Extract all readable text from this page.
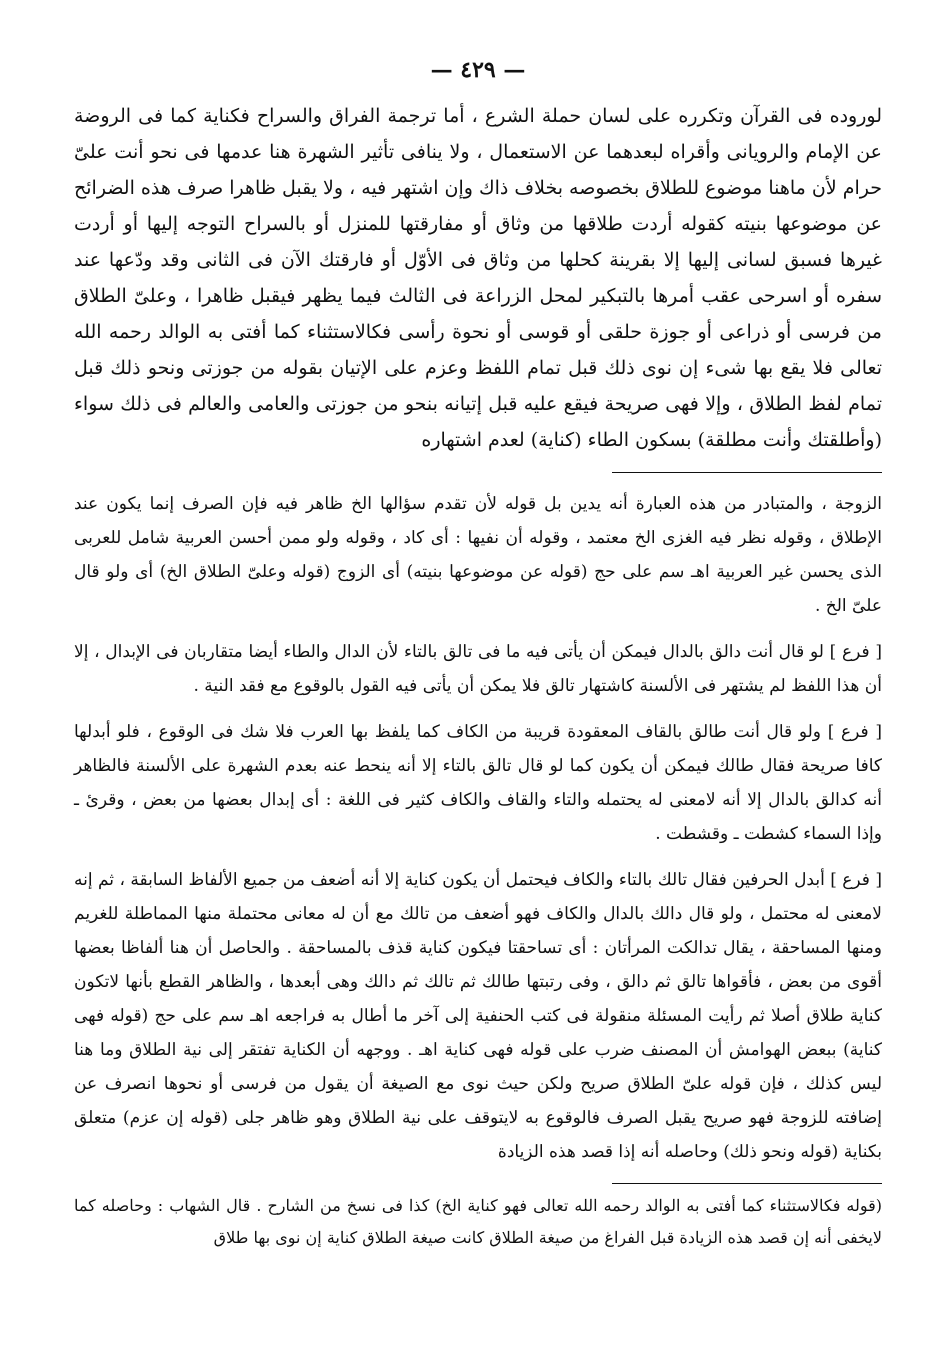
— ٤٢٩ —

لوروده فى القرآن وتكرره على لسان حملة الشرع ، أما ترجمة الفراق والسراح فكناية كما فى الروضة عن الإمام والرويانى وأقراه لبعدهما عن الاستعمال ، ولا ينافى تأثير الشهرة هنا عدمها فى نحو أنت علىّ حرام لأن ماهنا موضوع للطلاق بخصوصه بخلاف ذاك وإن اشتهر فيه ، ولا يقبل ظاهرا صرف هذه الضرائح عن موضوعها بنيته كقوله أردت طلاقها من وثاق أو مفارقتها للمنزل أو بالسراح التوجه إليها أو أردت غيرها فسبق لسانى إليها إلا بقرينة كحلها من وثاق فى الأوّل أو فارقتك الآن فى الثانى وقد ودّعها عند سفره أو اسرحى عقب أمرها بالتبكير لمحل الزراعة فى الثالث فيما يظهر فيقبل ظاهرا ، وعلىّ الطلاق من فرسى أو ذراعى أو جوزة حلقى أو قوسى أو نحوة رأسى فكالاستثناء كما أفتى به الوالد رحمه الله تعالى فلا يقع بها شىء إن نوى ذلك قبل تمام اللفظ وعزم على الإتيان بقوله من جوزتى ونحو ذلك قبل تمام لفظ الطلاق ، وإلا فهى صريحة فيقع عليه قبل إتيانه بنحو من جوزتى والعامى والعالم فى ذلك سواء (وأطلقتك وأنت مطلقة) بسكون الطاء (كناية) لعدم اشتهاره

الزوجة ، والمتبادر من هذه العبارة أنه يدين بل قوله لأن تقدم سؤالها الخ ظاهر فيه فإن الصرف إنما يكون عند الإطلاق ، وقوله نظر فيه الغزى الخ معتمد ، وقوله أن نفيها : أى كاد ، وقوله ولو ممن أحسن العربية شامل للعربى الذى يحسن غير العربية اهـ سم على حج (قوله عن موضوعها بنيته) أى الزوج (قوله وعلىّ الطلاق الخ) أى ولو قال علىّ الخ .

[ فرع ] لو قال أنت دالق بالدال فيمكن أن يأتى فيه ما فى تالق بالتاء لأن الدال والطاء أيضا متقاربان فى الإبدال ، إلا أن هذا اللفظ لم يشتهر فى الألسنة كاشتهار تالق فلا يمكن أن يأتى فيه القول بالوقوع مع فقد النية .

[ فرع ] ولو قال أنت طالق بالقاف المعقودة قريبة من الكاف كما يلفظ بها العرب فلا شك فى الوقوع ، فلو أبدلها كافا صريحة فقال طالك فيمكن أن يكون كما لو قال تالق بالتاء إلا أنه ينحط عنه بعدم الشهرة على الألسنة فالظاهر أنه كدالق بالدال إلا أنه لامعنى له يحتمله والتاء والقاف والكاف كثير فى اللغة : أى إبدال بعضها من بعض ، وقرئ ـ وإذا السماء كشطت ـ وقشطت .

[ فرع ] أبدل الحرفين فقال تالك بالتاء والكاف فيحتمل أن يكون كناية إلا أنه أضعف من جميع الألفاظ السابقة ، ثم إنه لامعنى له محتمل ، ولو قال دالك بالدال والكاف فهو أضعف من تالك مع أن له معانى محتملة منها المماطلة للغريم ومنها المساحقة ، يقال تدالكت المرأتان : أى تساحقتا فيكون كناية قذف بالمساحقة . والحاصل أن هنا ألفاظا بعضها أقوى من بعض ، فأقواها تالق ثم دالق ، وفى رتبتها طالك ثم تالك ثم دالك وهى أبعدها ، والظاهر القطع بأنها لاتكون كناية طلاق أصلا ثم رأيت المسئلة منقولة فى كتب الحنفية إلى آخر ما أطال به فراجعه اهـ سم على حج (قوله فهى كناية) ببعض الهوامش أن المصنف ضرب على قوله فهى كناية اهـ . ووجهه أن الكناية تفتقر إلى نية الطلاق وما هنا ليس كذلك ، فإن قوله علىّ الطلاق صريح ولكن حيث نوى مع الصيغة أن يقول من فرسى أو نحوها انصرف عن إضافته للزوجة فهو صريح يقبل الصرف فالوقوع به لايتوقف على نية الطلاق وهو ظاهر جلى (قوله إن عزم) متعلق بكناية (قوله ونحو ذلك) وحاصله أنه إذا قصد هذه الزيادة

(قوله فكالاستثناء كما أفتى به الوالد رحمه الله تعالى فهو كناية الخ) كذا فى نسخ من الشارح . قال الشهاب : وحاصله كما لايخفى أنه إن قصد هذه الزيادة قبل الفراغ من صيغة الطلاق كانت صيغة الطلاق كناية إن نوى بها طلاق
